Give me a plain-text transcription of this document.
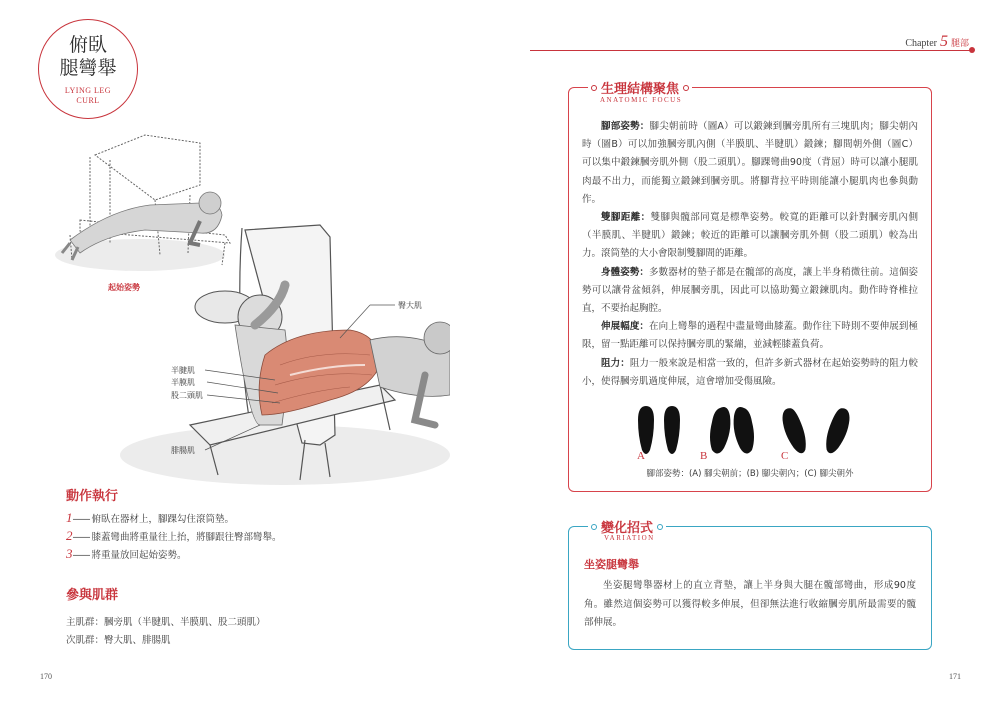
俯臥
腿彎舉
LYING LEG
CURL
Chapter 5 腿部
起始姿勢
臀大肌
半腱肌
半膜肌
股二頭肌
腓腸肌
動作執行
1 —— 俯臥在器材上，腳踝勾住滾筒墊。
2 —— 膝蓋彎曲將重量往上抬，將腳跟往臀部彎舉。
3 —— 將重量放回起始姿勢。
參與肌群
主肌群：膕旁肌（半腱肌、半膜肌、股二頭肌）
次肌群：臀大肌、腓腸肌
170	171
生理結構聚焦
ANATOMIC FOCUS

腳部姿勢：腳尖朝前時（圖A）可以鍛鍊到膕旁肌所有三塊肌肉；腳尖朝內時（圖B）可以加強膕旁肌內側（半膜肌、半腱肌）鍛鍊；腳間朝外側（圖C）可以集中鍛鍊膕旁肌外側（股二頭肌）。腳踝彎曲90度（背屈）時可以讓小腿肌肉最不出力，而能獨立鍛鍊到膕旁肌。將腳背拉平時則能讓小腿肌肉也參與動作。

雙腳距離：雙腳與髖部同寬是標準姿勢。較寬的距離可以針對膕旁肌內側（半膜肌、半腱肌）鍛鍊；較近的距離可以讓膕旁肌外側（股二頭肌）較為出力。滾筒墊的大小會限制雙腳間的距離。

身體姿勢：多數器材的墊子都是在髖部的高度，讓上半身稍微往前。這個姿勢可以讓骨盆傾斜，伸展膕旁肌，因此可以協助獨立鍛鍊肌肉。動作時脊椎拉直，不要抬起胸腔。

伸展幅度：在向上彎舉的過程中盡量彎曲膝蓋。動作往下時則不要伸展到極限，留一點距離可以保持膕旁肌的緊繃，並減輕膝蓋負荷。

阻力：阻力一般來說是相當一致的，但許多新式器材在起始姿勢時的阻力較小，使得膕旁肌過度伸展，這會增加受傷風險。

A	B	C
腳部姿勢：(A) 腳尖朝前；(B) 腳尖朝內；(C) 腳尖朝外
變化招式
VARIATION
坐姿腿彎舉
坐姿腿彎舉器材上的直立背墊，讓上半身與大腿在髖部彎曲，形成90度角。雖然這個姿勢可以獲得較多伸展，但卻無法進行收縮膕旁肌所最需要的髖部伸展。
